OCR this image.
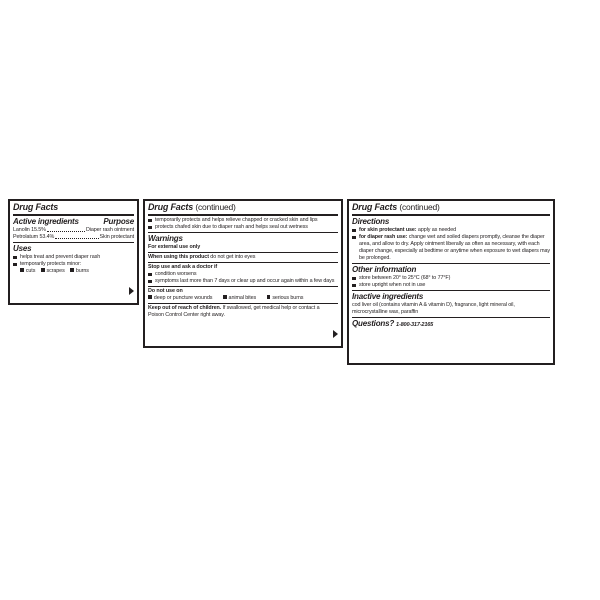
Drug Facts
Active ingredients	Purpose
Lanolin 15.5%	Diaper rash ointment
Petrolatum 53.4%	Skin protectant
Uses
helps treat and prevent diaper rash
temporarily protects minor:
cuts scrapes burns
Drug Facts (continued)
temporarily protects and helps relieve chapped or cracked skin and lips
protects chafed skin due to diaper rash and helps seal out wetness
Warnings
For external use only
When using this product do not get into eyes
Stop use and ask a doctor if
condition worsens
symptoms last more than 7 days or clear up and occur again within a few days
Do not use on
deep or puncture wounds	animal bites	serious burns
Keep out of reach of children. If swallowed, get medical help or contact a Poison Control Center right away.
Drug Facts (continued)
Directions
for skin protectant use: apply as needed
for diaper rash use: change wet and soiled diapers promptly, cleanse the diaper area, and allow to dry. Apply ointment liberally as often as necessary, with each diaper change, especially at bedtime or anytime when exposure to wet diapers may be prolonged.
Other information
store between 20° to 25°C (68° to 77°F)
store upright when not in use
Inactive ingredients
cod liver oil (contains vitamin A & vitamin D), fragrance, light mineral oil, microcrystalline wax, paraffin
Questions? 1-800-317-2165
